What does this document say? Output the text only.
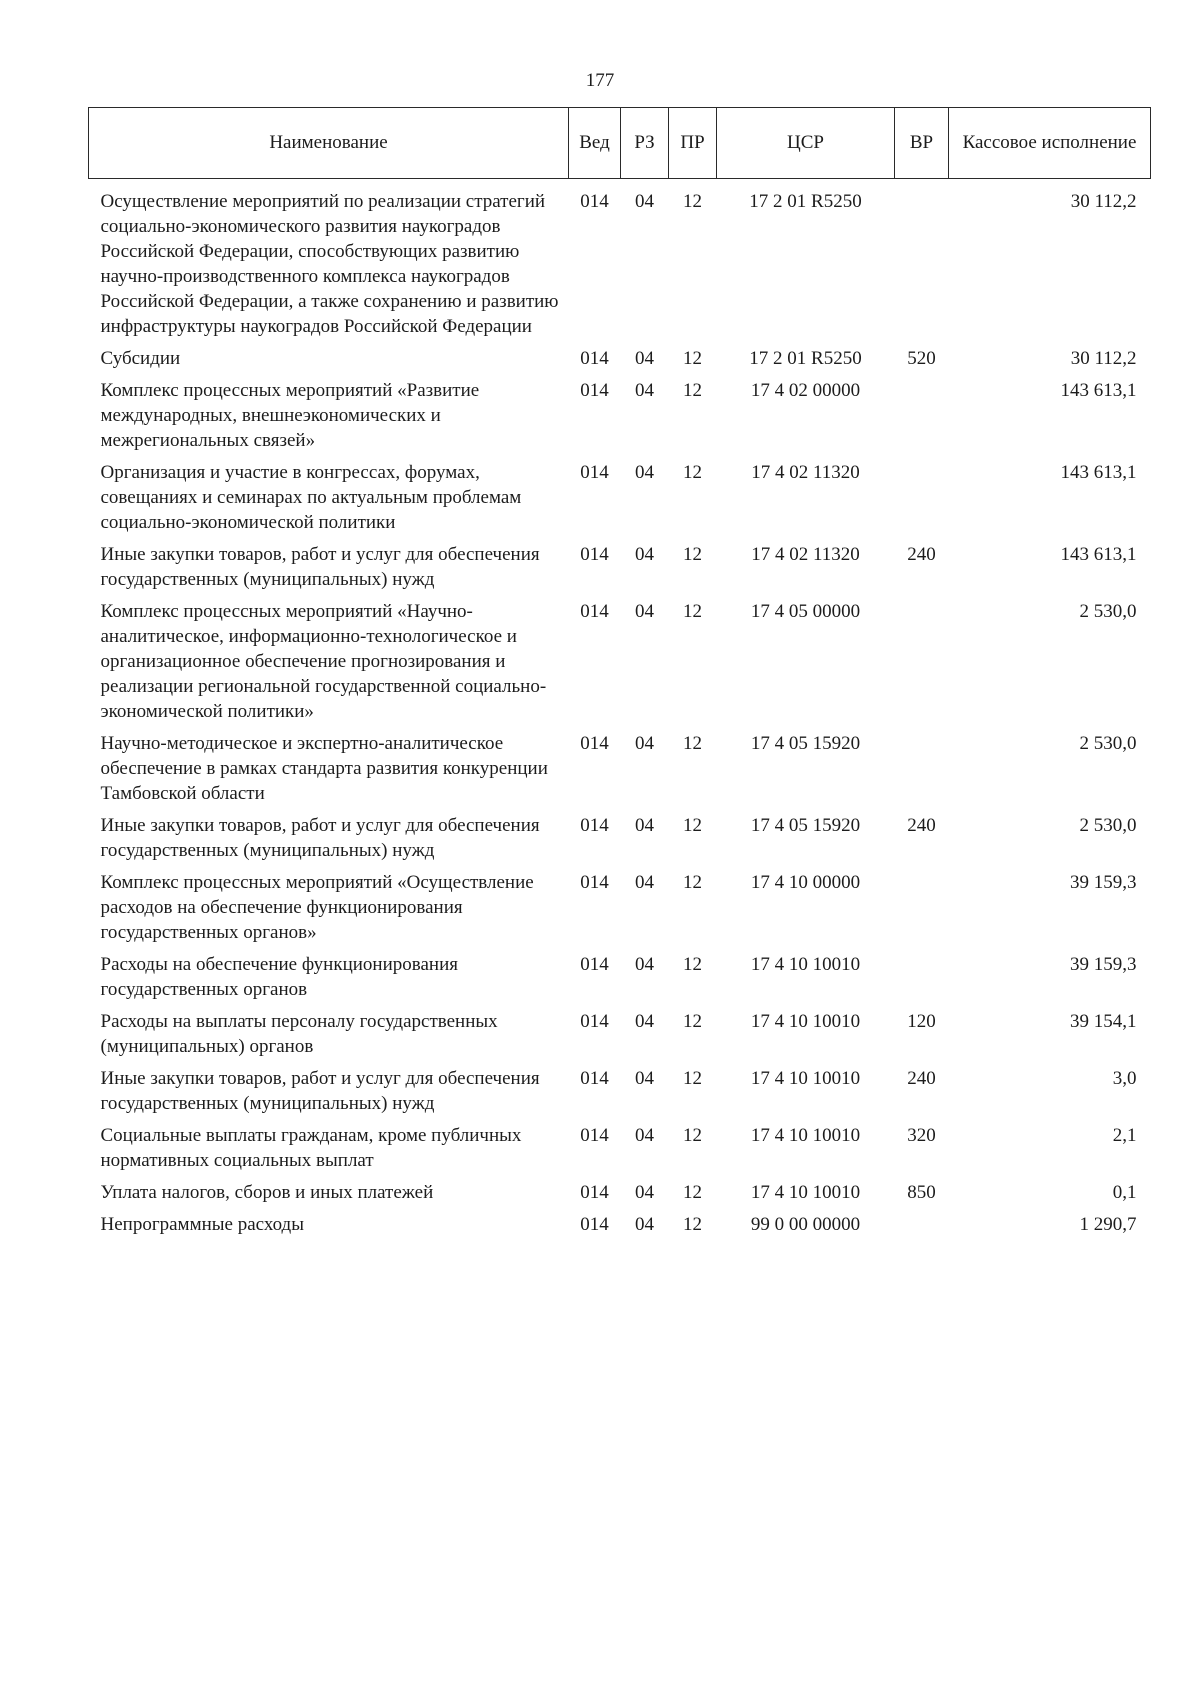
177
Наименование	Вед	РЗ	ПР	ЦСР	ВР	Кассовое исполнение
Осуществление мероприятий по реализации стратегий социально-экономического развития наукоградов Российской Федерации, способствующих развитию научно-производственного комплекса наукоградов Российской Федерации, а также сохранению и развитию инфраструктуры наукоградов Российской Федерации	014	04	12	17 2 01 R5250		30 112,2
Субсидии	014	04	12	17 2 01 R5250	520	30 112,2
Комплекс процессных мероприятий «Развитие международных, внешнеэкономических и межрегиональных связей»	014	04	12	17 4 02 00000		143 613,1
Организация и участие в конгрессах, форумах, совещаниях и семинарах по актуальным проблемам социально-экономической политики	014	04	12	17 4 02 11320		143 613,1
Иные закупки товаров, работ и услуг для обеспечения государственных (муниципальных) нужд	014	04	12	17 4 02 11320	240	143 613,1
Комплекс процессных мероприятий «Научно-аналитическое, информационно-технологическое и организационное обеспечение прогнозирования и реализации региональной государственной социально-экономической политики»	014	04	12	17 4 05 00000		2 530,0
Научно-методическое и экспертно-аналитическое обеспечение в рамках стандарта развития конкуренции Тамбовской области	014	04	12	17 4 05 15920		2 530,0
Иные закупки товаров, работ и услуг для обеспечения государственных (муниципальных) нужд	014	04	12	17 4 05 15920	240	2 530,0
Комплекс процессных мероприятий «Осуществление расходов на обеспечение функционирования государственных органов»	014	04	12	17 4 10 00000		39 159,3
Расходы на обеспечение функционирования государственных органов	014	04	12	17 4 10 10010		39 159,3
Расходы на выплаты персоналу государственных (муниципальных) органов	014	04	12	17 4 10 10010	120	39 154,1
Иные закупки товаров, работ и услуг для обеспечения государственных (муниципальных) нужд	014	04	12	17 4 10 10010	240	3,0
Социальные выплаты гражданам, кроме публичных нормативных социальных выплат	014	04	12	17 4 10 10010	320	2,1
Уплата налогов, сборов и иных платежей	014	04	12	17 4 10 10010	850	0,1
Непрограммные расходы	014	04	12	99 0 00 00000		1 290,7
